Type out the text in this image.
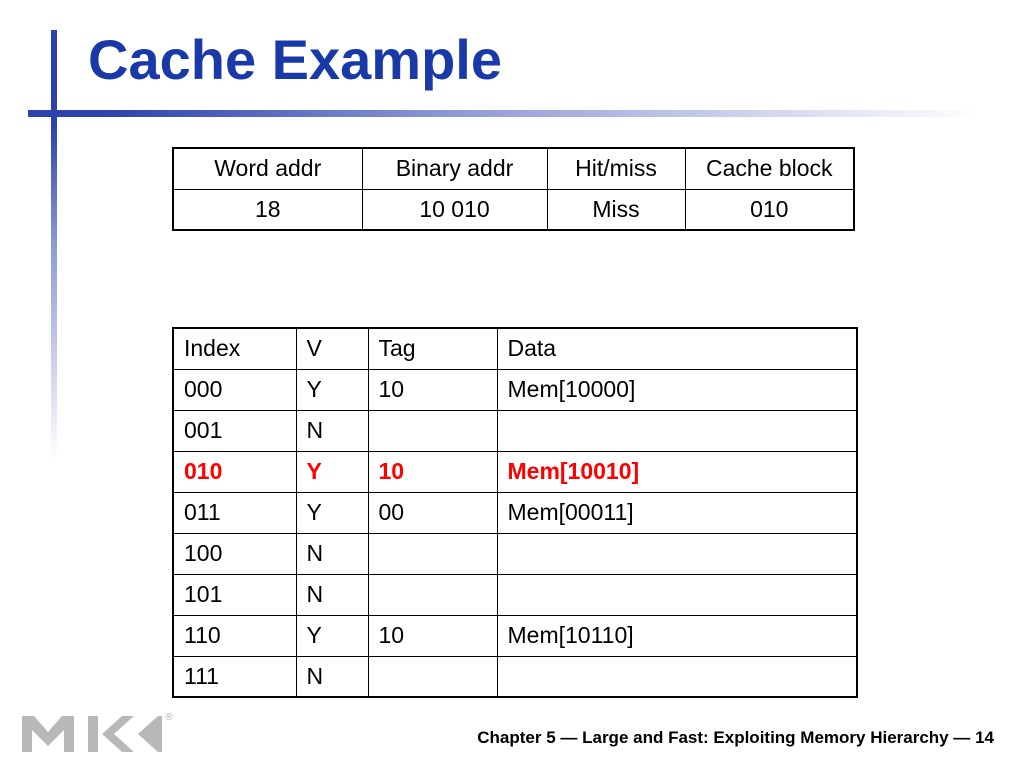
Cache Example
Word addr	Binary addr	Hit/miss	Cache block
18	10 010	Miss	010
Index	V	Tag	Data
000	Y	10	Mem[10000]
001	N		
010	Y	10	Mem[10010]
011	Y	00	Mem[00011]
100	N		
101	N		
110	Y	10	Mem[10110]
111	N		
®
Chapter 5 — Large and Fast: Exploiting Memory Hierarchy — 14
